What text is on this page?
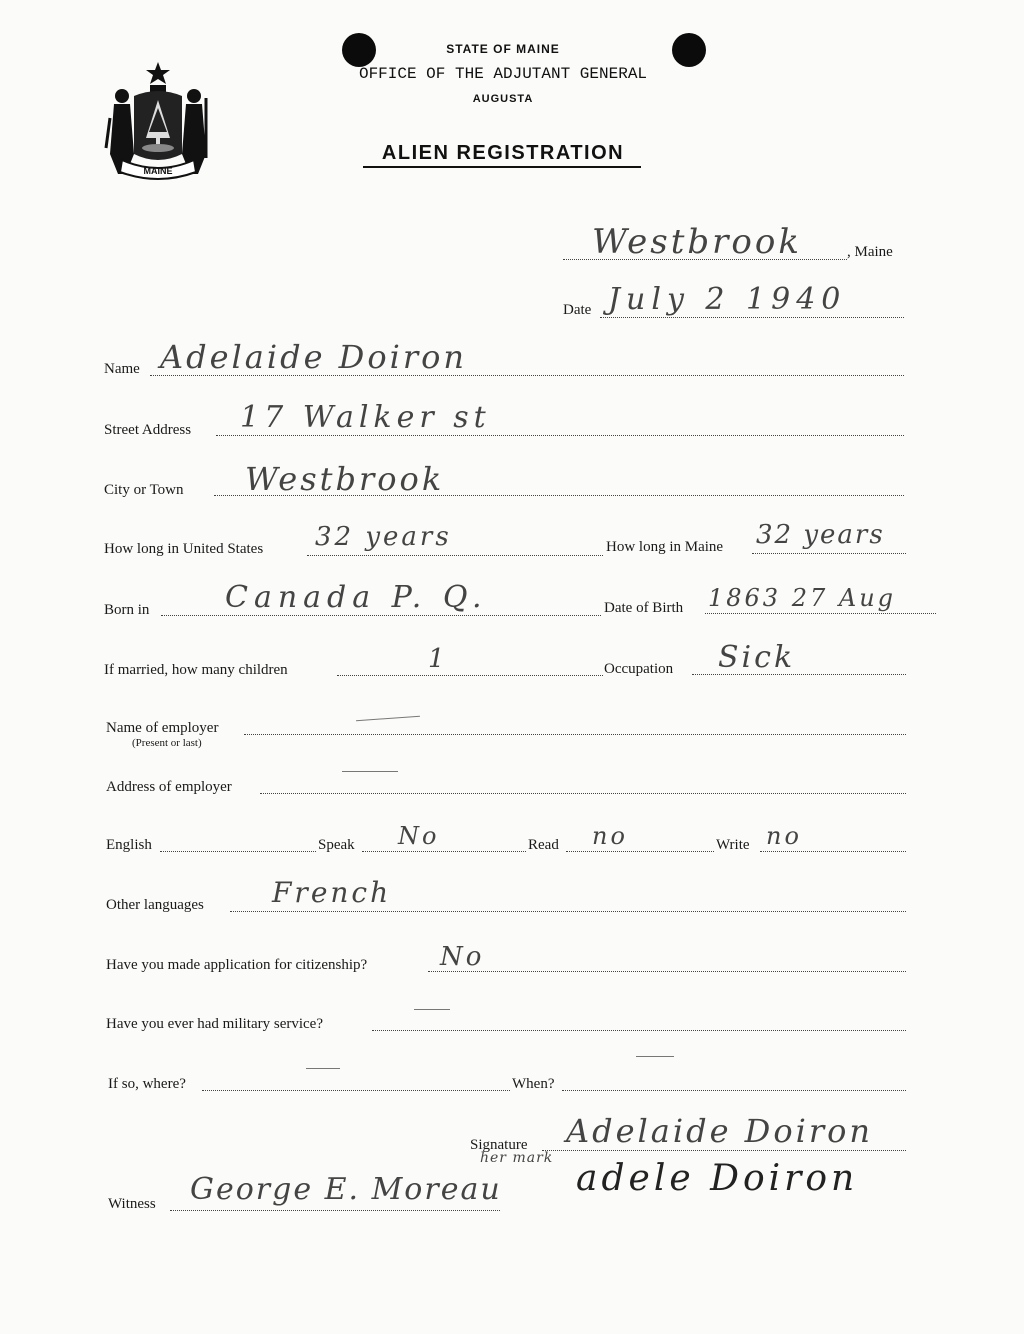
MAINE
STATE OF MAINE
OFFICE OF THE ADJUTANT GENERAL
AUGUSTA
ALIEN REGISTRATION
Westbrook	, Maine
Date July 2 1940
Name Adelaide Doiron
Street Address 17 Walker st
City or Town Westbrook
How long in United States 32 years	How long in Maine 32 years
Born in	Canada P. Q.	Date of Birth 1863 27 Aug
If married, how many children	1	Occupation Sick
Name of employer
(Present or last)
Address of employer
English	Speak No	Read no	Write no
Other languages French
Have you made application for citizenship?	No
Have you ever had military service?
If so, where?	When?
Signature Adelaide Doiron
Witness George E. Moreau
her mark adele Doiron
